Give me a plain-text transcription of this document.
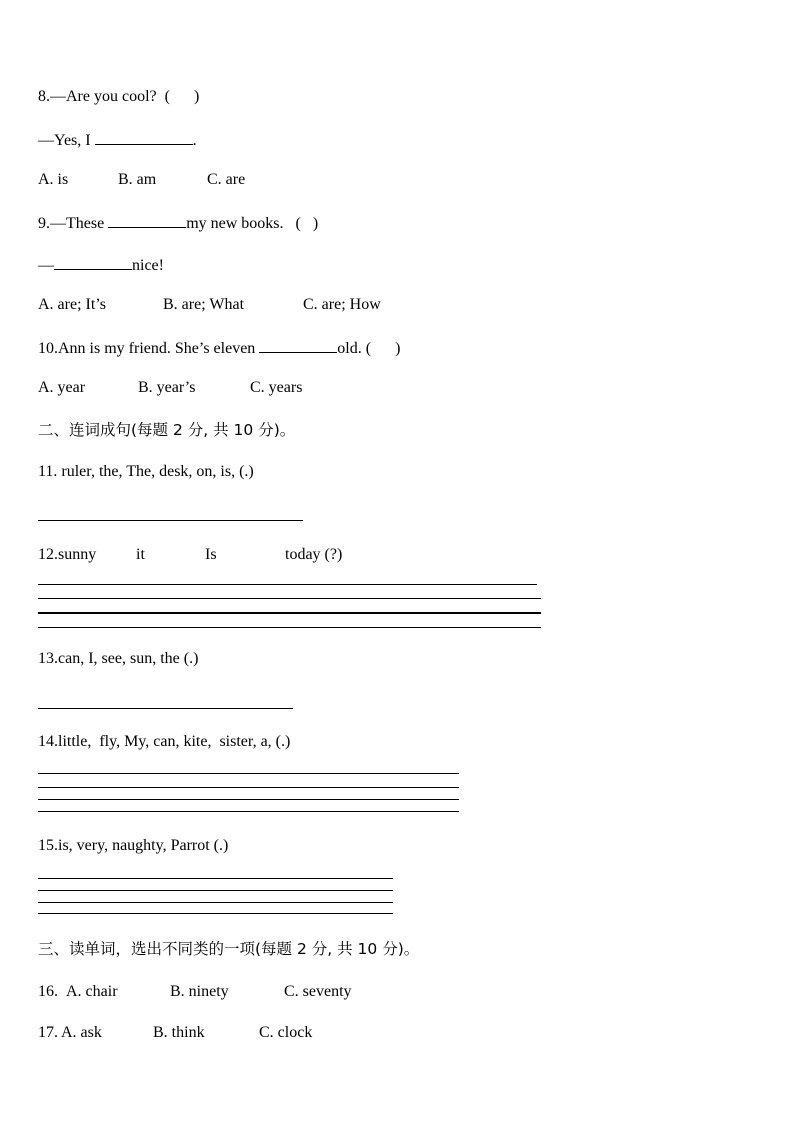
8.—Are you cool?  (      )
—Yes, I	.
A. is	B. am	C. are
9.—These	my new books.   (   )
—	nice!
A. are; It’s	B. are; What	C. are; How
10.Ann is my friend. She’s eleven	old. (      )
A. year	B. year’s	C. years
二、连词成句(每题 2 分, 共 10 分)。
11. ruler, the, The, desk, on, is, (.)
12.sunny it	Is	today (?)
13.can, I, see, sun, the (.)
14.little,  fly, My, can, kite,  sister, a, (.)
15.is, very, naughty, Parrot (.)
三、读单词，选出不同类的一项(每题 2 分, 共 10 分)。
16. A. chair	B. ninety	C. seventy
17. A. ask	B. think	C. clock
